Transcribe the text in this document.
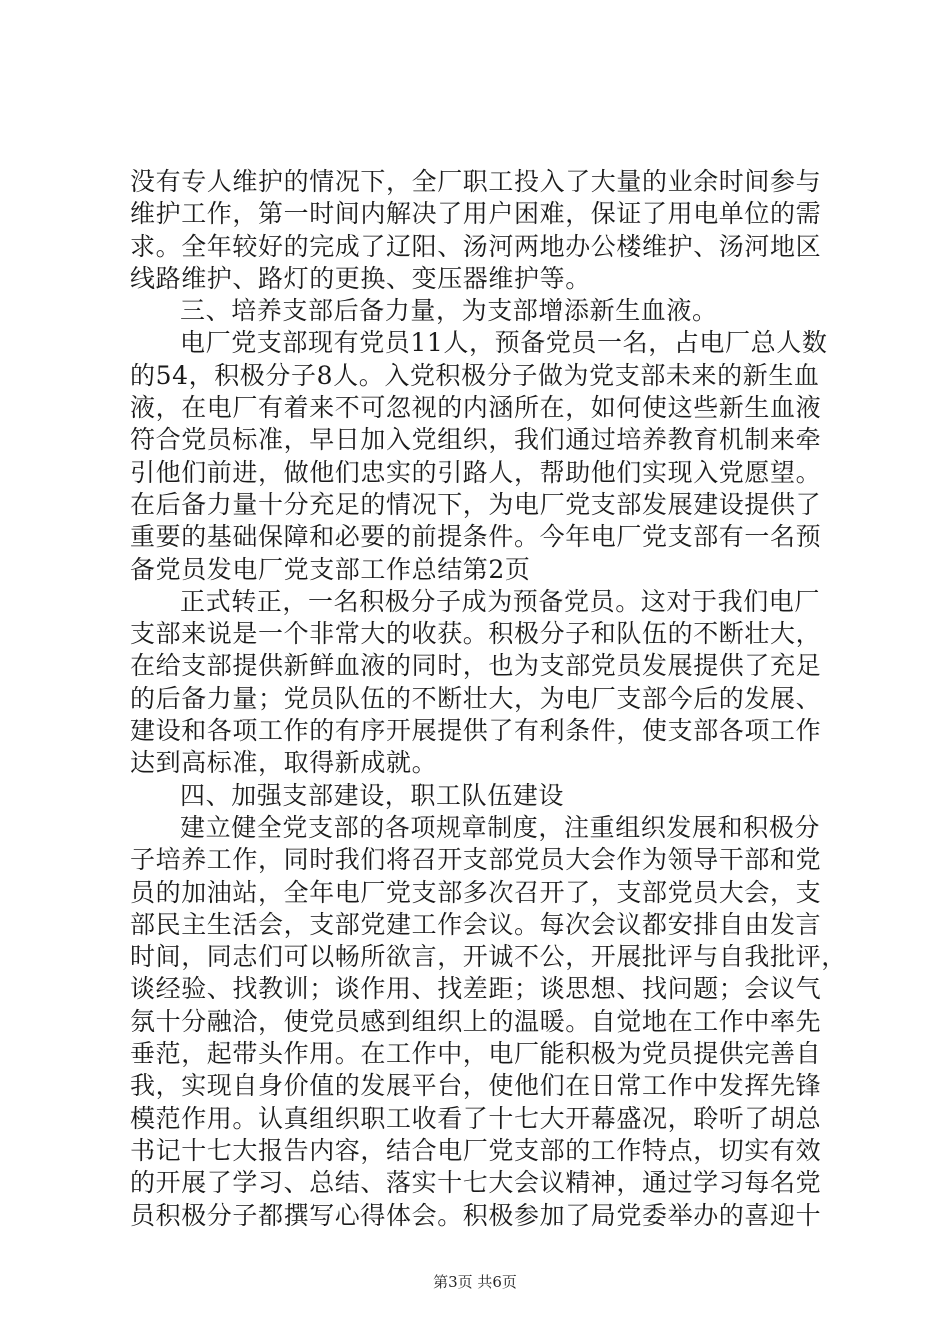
没有专人维护的情况下，全厂职工投入了大量的业余时间参与
维护工作，第一时间内解决了用户困难，保证了用电单位的需
求。全年较好的完成了辽阳、汤河两地办公楼维护、汤河地区
线路维护、路灯的更换、变压器维护等。
三、培养支部后备力量，为支部增添新生血液。
电厂党支部现有党员11人，预备党员一名，占电厂总人数
的54，积极分子8人。入党积极分子做为党支部未来的新生血
液，在电厂有着来不可忽视的内涵所在，如何使这些新生血液
符合党员标准，早日加入党组织，我们通过培养教育机制来牵
引他们前进，做他们忠实的引路人，帮助他们实现入党愿望。
在后备力量十分充足的情况下，为电厂党支部发展建设提供了
重要的基础保障和必要的前提条件。今年电厂党支部有一名预
备党员发电厂党支部工作总结第2页
正式转正，一名积极分子成为预备党员。这对于我们电厂
支部来说是一个非常大的收获。积极分子和队伍的不断壮大，
在给支部提供新鲜血液的同时，也为支部党员发展提供了充足
的后备力量；党员队伍的不断壮大，为电厂支部今后的发展、
建设和各项工作的有序开展提供了有利条件，使支部各项工作
达到高标准，取得新成就。
四、加强支部建设，职工队伍建设
建立健全党支部的各项规章制度，注重组织发展和积极分
子培养工作，同时我们将召开支部党员大会作为领导干部和党
员的加油站，全年电厂党支部多次召开了，支部党员大会，支
部民主生活会，支部党建工作会议。每次会议都安排自由发言
时间，同志们可以畅所欲言，开诚不公，开展批评与自我批评，
谈经验、找教训；谈作用、找差距；谈思想、找问题；会议气
氛十分融洽，使党员感到组织上的温暖。自觉地在工作中率先
垂范，起带头作用。在工作中，电厂能积极为党员提供完善自
我，实现自身价值的发展平台，使他们在日常工作中发挥先锋
模范作用。认真组织职工收看了十七大开幕盛况，聆听了胡总
书记十七大报告内容，结合电厂党支部的工作特点，切实有效
的开展了学习、总结、落实十七大会议精神，通过学习每名党
员积极分子都撰写心得体会。积极参加了局党委举办的喜迎十
第3页 共6页
